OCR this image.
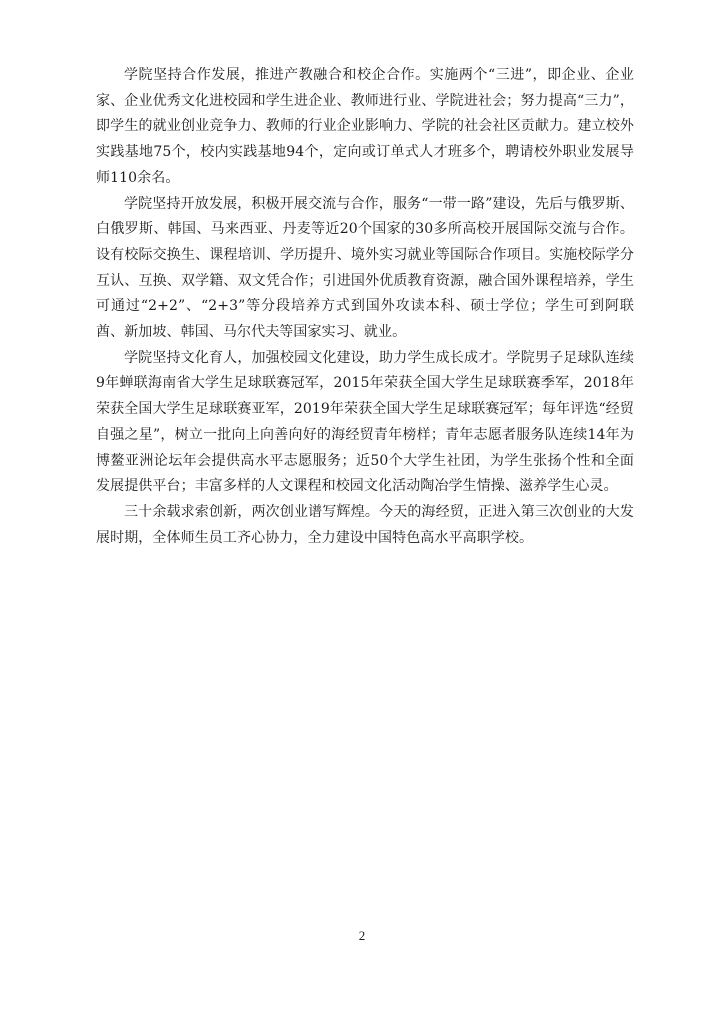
学院坚持合作发展，推进产教融合和校企合作。实施两个“三进”，即企业、企业家、企业优秀文化进校园和学生进企业、教师进行业、学院进社会；努力提高“三力”，即学生的就业创业竞争力、教师的行业企业影响力、学院的社会社区贡献力。建立校外实践基地75个，校内实践基地94个，定向或订单式人才班多个，聘请校外职业发展导师110余名。

学院坚持开放发展，积极开展交流与合作，服务“一带一路”建设，先后与俄罗斯、白俄罗斯、韩国、马来西亚、丹麦等近20个国家的30多所高校开展国际交流与合作。设有校际交换生、课程培训、学历提升、境外实习就业等国际合作项目。实施校际学分互认、互换、双学籍、双文凭合作；引进国外优质教育资源，融合国外课程培养，学生可通过“2+2”、“2+3”等分段培养方式到国外攻读本科、硕士学位；学生可到阿联酋、新加坡、韩国、马尔代夫等国家实习、就业。

学院坚持文化育人，加强校园文化建设，助力学生成长成才。学院男子足球队连续9年蝉联海南省大学生足球联赛冠军，2015年荣获全国大学生足球联赛季军，2018年荣获全国大学生足球联赛亚军，2019年荣获全国大学生足球联赛冠军；每年评选“经贸自强之星”，树立一批向上向善向好的海经贸青年榜样；青年志愿者服务队连续14年为博鳌亚洲论坛年会提供高水平志愿服务；近50个大学生社团，为学生张扬个性和全面发展提供平台；丰富多样的人文课程和校园文化活动陶冶学生情操、滋养学生心灵。

三十余载求索创新，两次创业谱写辉煌。今天的海经贸，正进入第三次创业的大发展时期，全体师生员工齐心协力，全力建设中国特色高水平高职学校。

2
